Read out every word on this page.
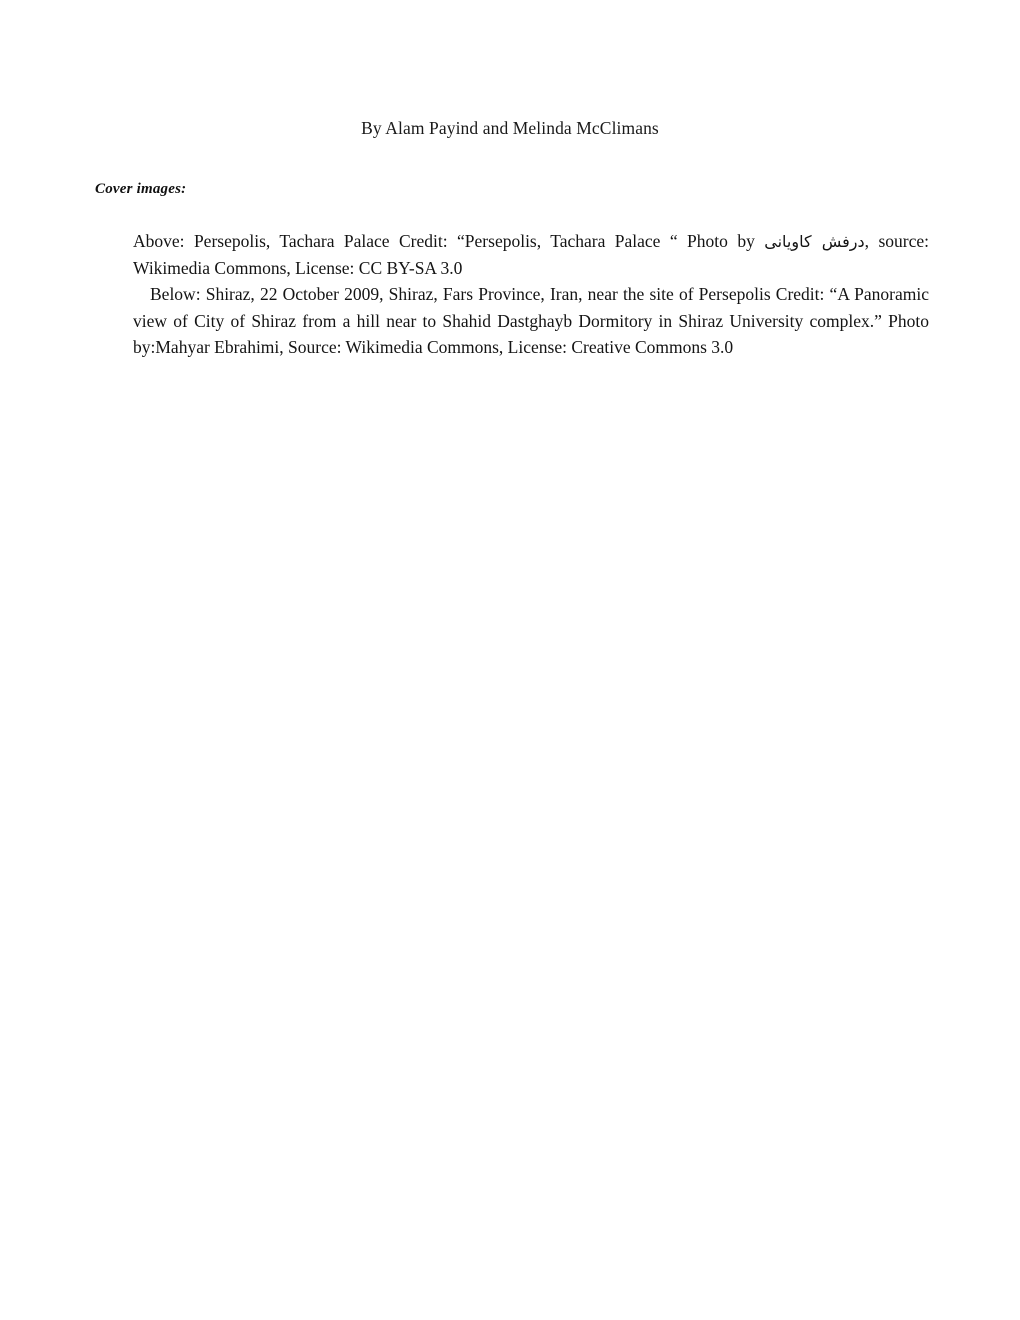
By Alam Payind and Melinda McClimans
Cover images:

Above: Persepolis, Tachara Palace Credit: “Persepolis, Tachara Palace “ Photo by درفش کاویانی, source: Wikimedia Commons, License: CC BY-SA 3.0

Below: Shiraz, 22 October 2009, Shiraz, Fars Province, Iran, near the site of Persepolis Credit: “A Panoramic view of City of Shiraz from a hill near to Shahid Dastghayb Dormitory in Shiraz University complex.” Photo by:Mahyar Ebrahimi, Source: Wikimedia Commons, License: Creative Commons 3.0
